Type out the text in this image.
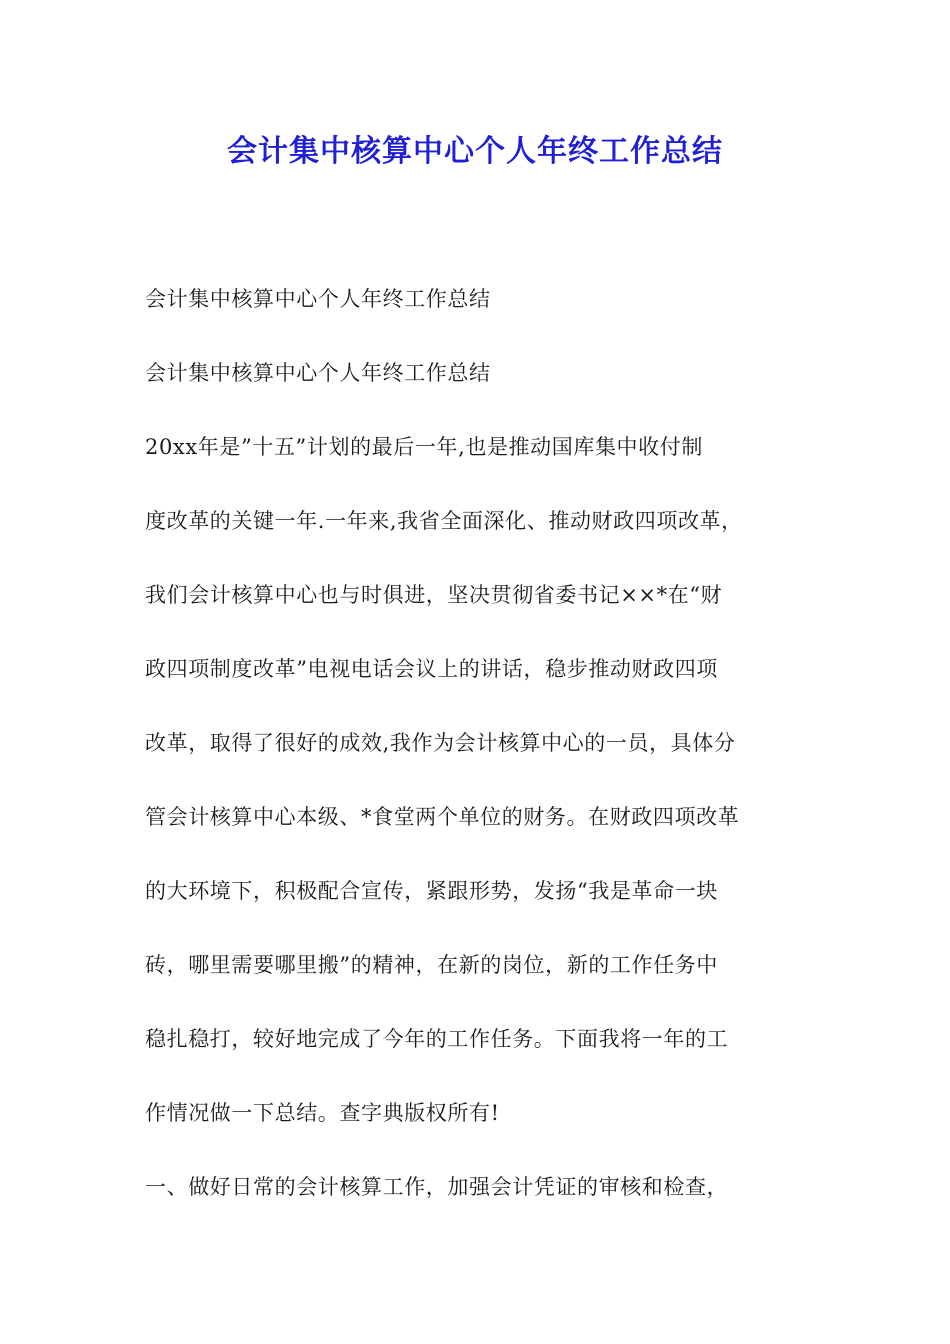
会计集中核算中心个人年终工作总结
会计集中核算中心个人年终工作总结
会计集中核算中心个人年终工作总结
20xx年是”十五”计划的最后一年,也是推动国库集中收付制
度改革的关键一年.一年来,我省全面深化、推动财政四项改革，
我们会计核算中心也与时俱进，坚决贯彻省委书记××*在“财
政四项制度改革”电视电话会议上的讲话，稳步推动财政四项
改革，取得了很好的成效,我作为会计核算中心的一员，具体分
管会计核算中心本级、*食堂两个单位的财务。在财政四项改革
的大环境下，积极配合宣传，紧跟形势，发扬“我是革命一块
砖，哪里需要哪里搬”的精神，在新的岗位，新的工作任务中
稳扎稳打，较好地完成了今年的工作任务。下面我将一年的工
作情况做一下总结。查字典版权所有!
一、做好日常的会计核算工作，加强会计凭证的审核和检查，
